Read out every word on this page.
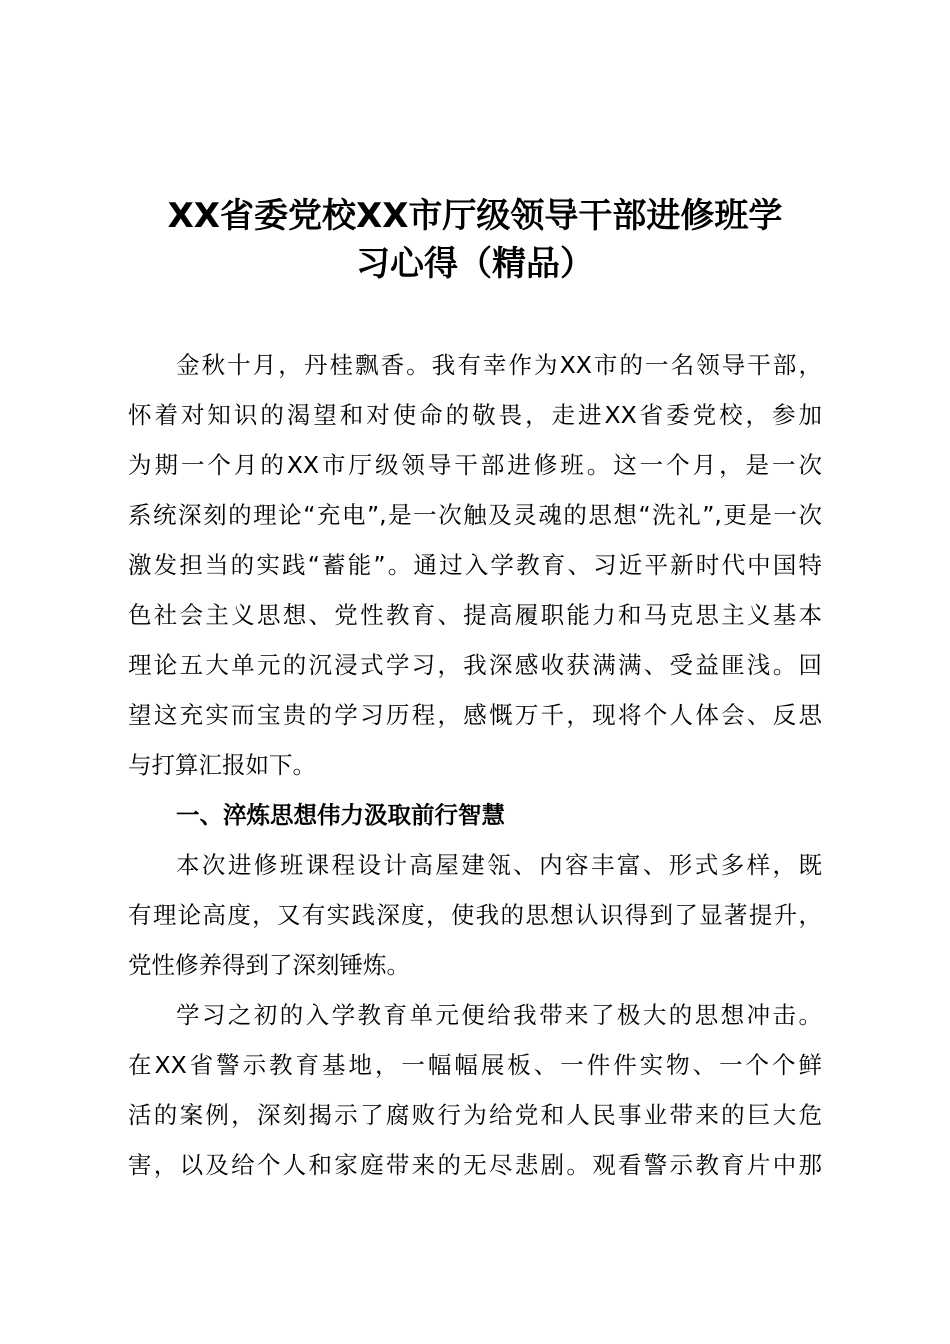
XX省委党校XX市厅级领导干部进修班学
习心得（精品）
金秋十月，丹桂飘香。我有幸作为XX市的一名领导干部，
怀着对知识的渴望和对使命的敬畏，走进XX省委党校，参加
为期一个月的XX市厅级领导干部进修班。这一个月，是一次
系统深刻的理论“充电”,是一次触及灵魂的思想“洗礼”,更是一次
激发担当的实践“蓄能”。通过入学教育、习近平新时代中国特
色社会主义思想、党性教育、提高履职能力和马克思主义基本
理论五大单元的沉浸式学习，我深感收获满满、受益匪浅。回
望这充实而宝贵的学习历程，感慨万千，现将个人体会、反思
与打算汇报如下。
一、淬炼思想伟力汲取前行智慧
本次进修班课程设计高屋建瓴、内容丰富、形式多样，既
有理论高度，又有实践深度，使我的思想认识得到了显著提升，
党性修养得到了深刻锤炼。
学习之初的入学教育单元便给我带来了极大的思想冲击。
在XX省警示教育基地，一幅幅展板、一件件实物、一个个鲜
活的案例，深刻揭示了腐败行为给党和人民事业带来的巨大危
害，以及给个人和家庭带来的无尽悲剧。观看警示教育片中那
